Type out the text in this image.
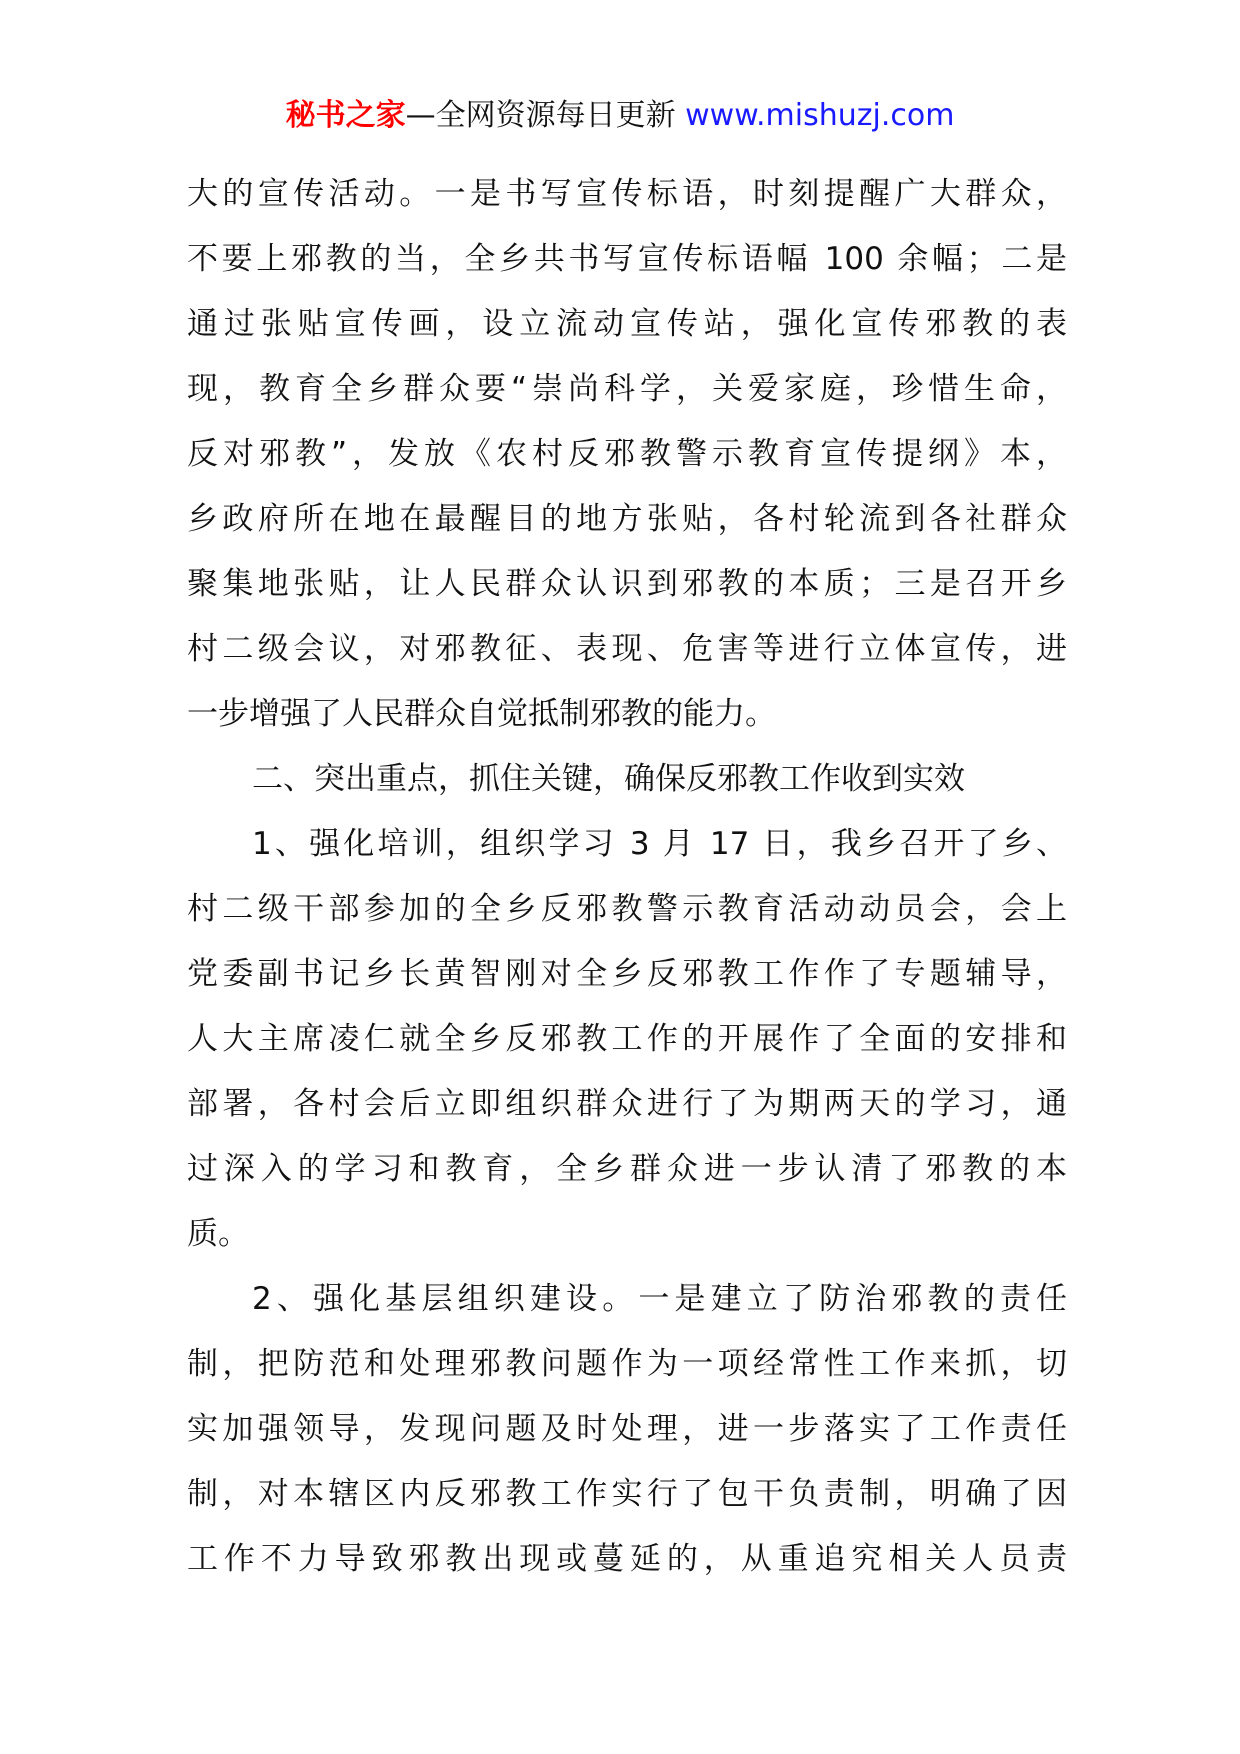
秘书之家—全网资源每日更新 www.mishuzj.com
大的宣传活动。一是书写宣传标语，时刻提醒广大群众，
不要上邪教的当，全乡共书写宣传标语幅 100 余幅；二是
通过张贴宣传画，设立流动宣传站，强化宣传邪教的表
现，教育全乡群众要“崇尚科学，关爱家庭，珍惜生命，
反对邪教”，发放《农村反邪教警示教育宣传提纲》本，
乡政府所在地在最醒目的地方张贴，各村轮流到各社群众
聚集地张贴，让人民群众认识到邪教的本质；三是召开乡
村二级会议，对邪教征、表现、危害等进行立体宣传，进
一步增强了人民群众自觉抵制邪教的能力。
二、突出重点，抓住关键，确保反邪教工作收到实效
1、强化培训，组织学习 3 月 17 日，我乡召开了乡、
村二级干部参加的全乡反邪教警示教育活动动员会，会上
党委副书记乡长黄智刚对全乡反邪教工作作了专题辅导，
人大主席凌仁就全乡反邪教工作的开展作了全面的安排和
部署，各村会后立即组织群众进行了为期两天的学习，通
过深入的学习和教育，全乡群众进一步认清了邪教的本
质。
2、强化基层组织建设。一是建立了防治邪教的责任
制，把防范和处理邪教问题作为一项经常性工作来抓，切
实加强领导，发现问题及时处理，进一步落实了工作责任
制，对本辖区内反邪教工作实行了包干负责制，明确了因
工作不力导致邪教出现或蔓延的，从重追究相关人员责
